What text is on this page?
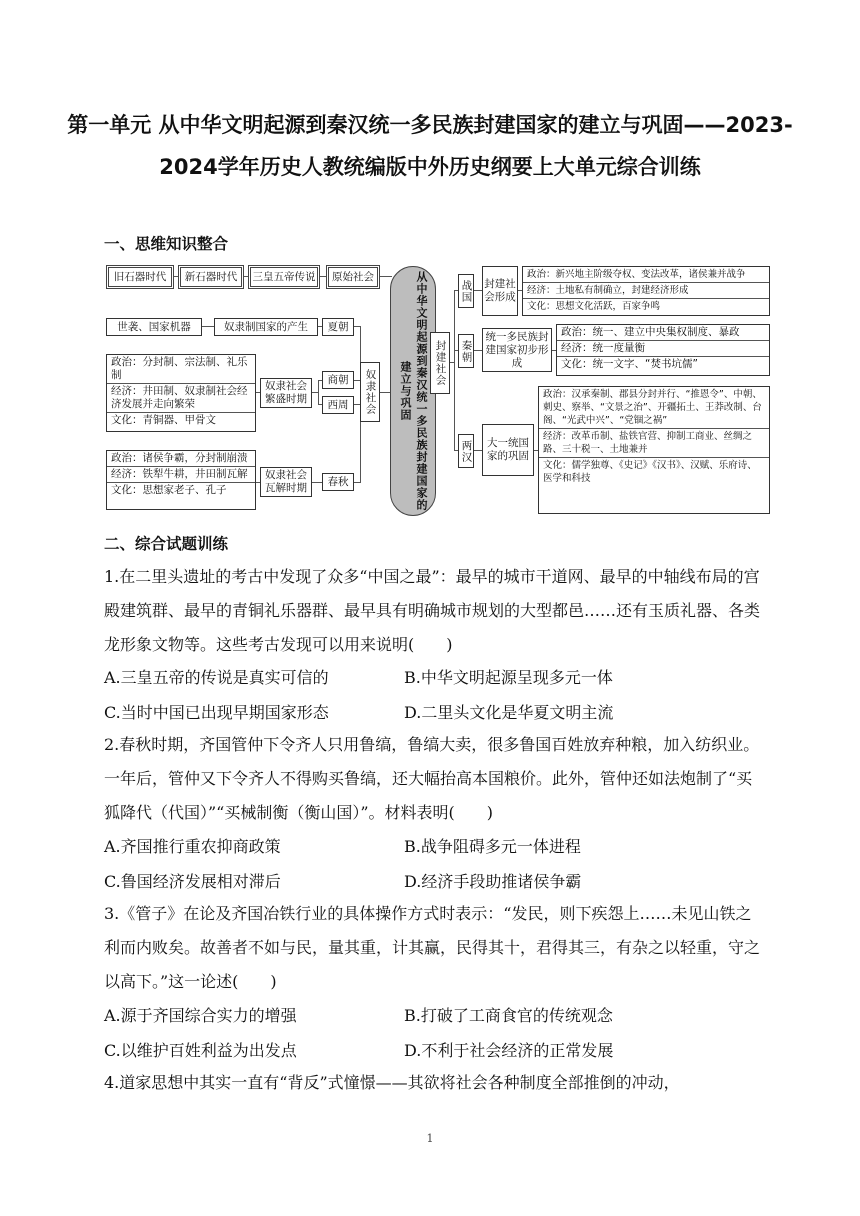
第一单元 从中华文明起源到秦汉统一多民族封建国家的建立与巩固——2023-2024学年历史人教统编版中外历史纲要上大单元综合训练
一、思维知识整合
旧石器时代	新石器时代	三皇五帝传说	原始社会
世袭、国家机器	奴隶制国家的产生	夏朝
政治：分封制、宗法制、礼乐制
经济：井田制、奴隶制社会经济发展并走向繁荣
文化：青铜器、甲骨文
奴隶社会繁盛时期
商朝
西周	奴隶社会
政治：诸侯争霸，分封制崩溃
经济：铁犁牛耕，井田制瓦解
文化：思想家老子、孔子
奴隶社会瓦解时期
春秋	从中华文明起源到秦汉统一多民族封建国家的建立与巩固	封建社会
战国 封建社会形成
政治：新兴地主阶级夺权、变法改革，诸侯兼并战争
经济：土地私有制确立，封建经济形成
文化：思想文化活跃，百家争鸣
秦朝
统一多民族封建国家初步形成
政治：统一、建立中央集权制度、暴政
经济：统一度量衡
文化：统一文字、“焚书坑儒”
两汉	大一统国家的巩固
政治：汉承秦制、郡县分封并行、“推恩令”、中朝、刺史、察举、“文景之治”、开疆拓土、王莽改制、台阁、“光武中兴”、“党锢之祸”
经济：改革币制、盐铁官营、抑制工商业、丝绸之路、三十税一、土地兼并
文化：儒学独尊、《史记》《汉书》、汉赋、乐府诗、医学和科技
二、综合试题训练
1.在二里头遗址的考古中发现了众多“中国之最”：最早的城市干道网、最早的中轴线布局的宫殿建筑群、最早的青铜礼乐器群、最早具有明确城市规划的大型都邑……还有玉质礼器、各类龙形象文物等。这些考古发现可以用来说明(　　)
A.三皇五帝的传说是真实可信的	B.中华文明起源呈现多元一体
C.当时中国已出现早期国家形态	D.二里头文化是华夏文明主流
2.春秋时期，齐国管仲下令齐人只用鲁缟，鲁缟大卖，很多鲁国百姓放弃种粮，加入纺织业。一年后，管仲又下令齐人不得购买鲁缟，还大幅抬高本国粮价。此外，管仲还如法炮制了“买狐降代（代国）”“买械制衡（衡山国）”。材料表明(　　)
A.齐国推行重农抑商政策	B.战争阻碍多元一体进程
C.鲁国经济发展相对滞后	D.经济手段助推诸侯争霸
3.《管子》在论及齐国冶铁行业的具体操作方式时表示：“发民，则下疾怨上……未见山铁之利而内败矣。故善者不如与民，量其重，计其赢，民得其十，君得其三，有杂之以轻重，守之以高下。”这一论述(　　)
A.源于齐国综合实力的增强	B.打破了工商食官的传统观念
C.以维护百姓利益为出发点	D.不利于社会经济的正常发展
4.道家思想中其实一直有“背反”式憧憬——其欲将社会各种制度全部推倒的冲动，
1
